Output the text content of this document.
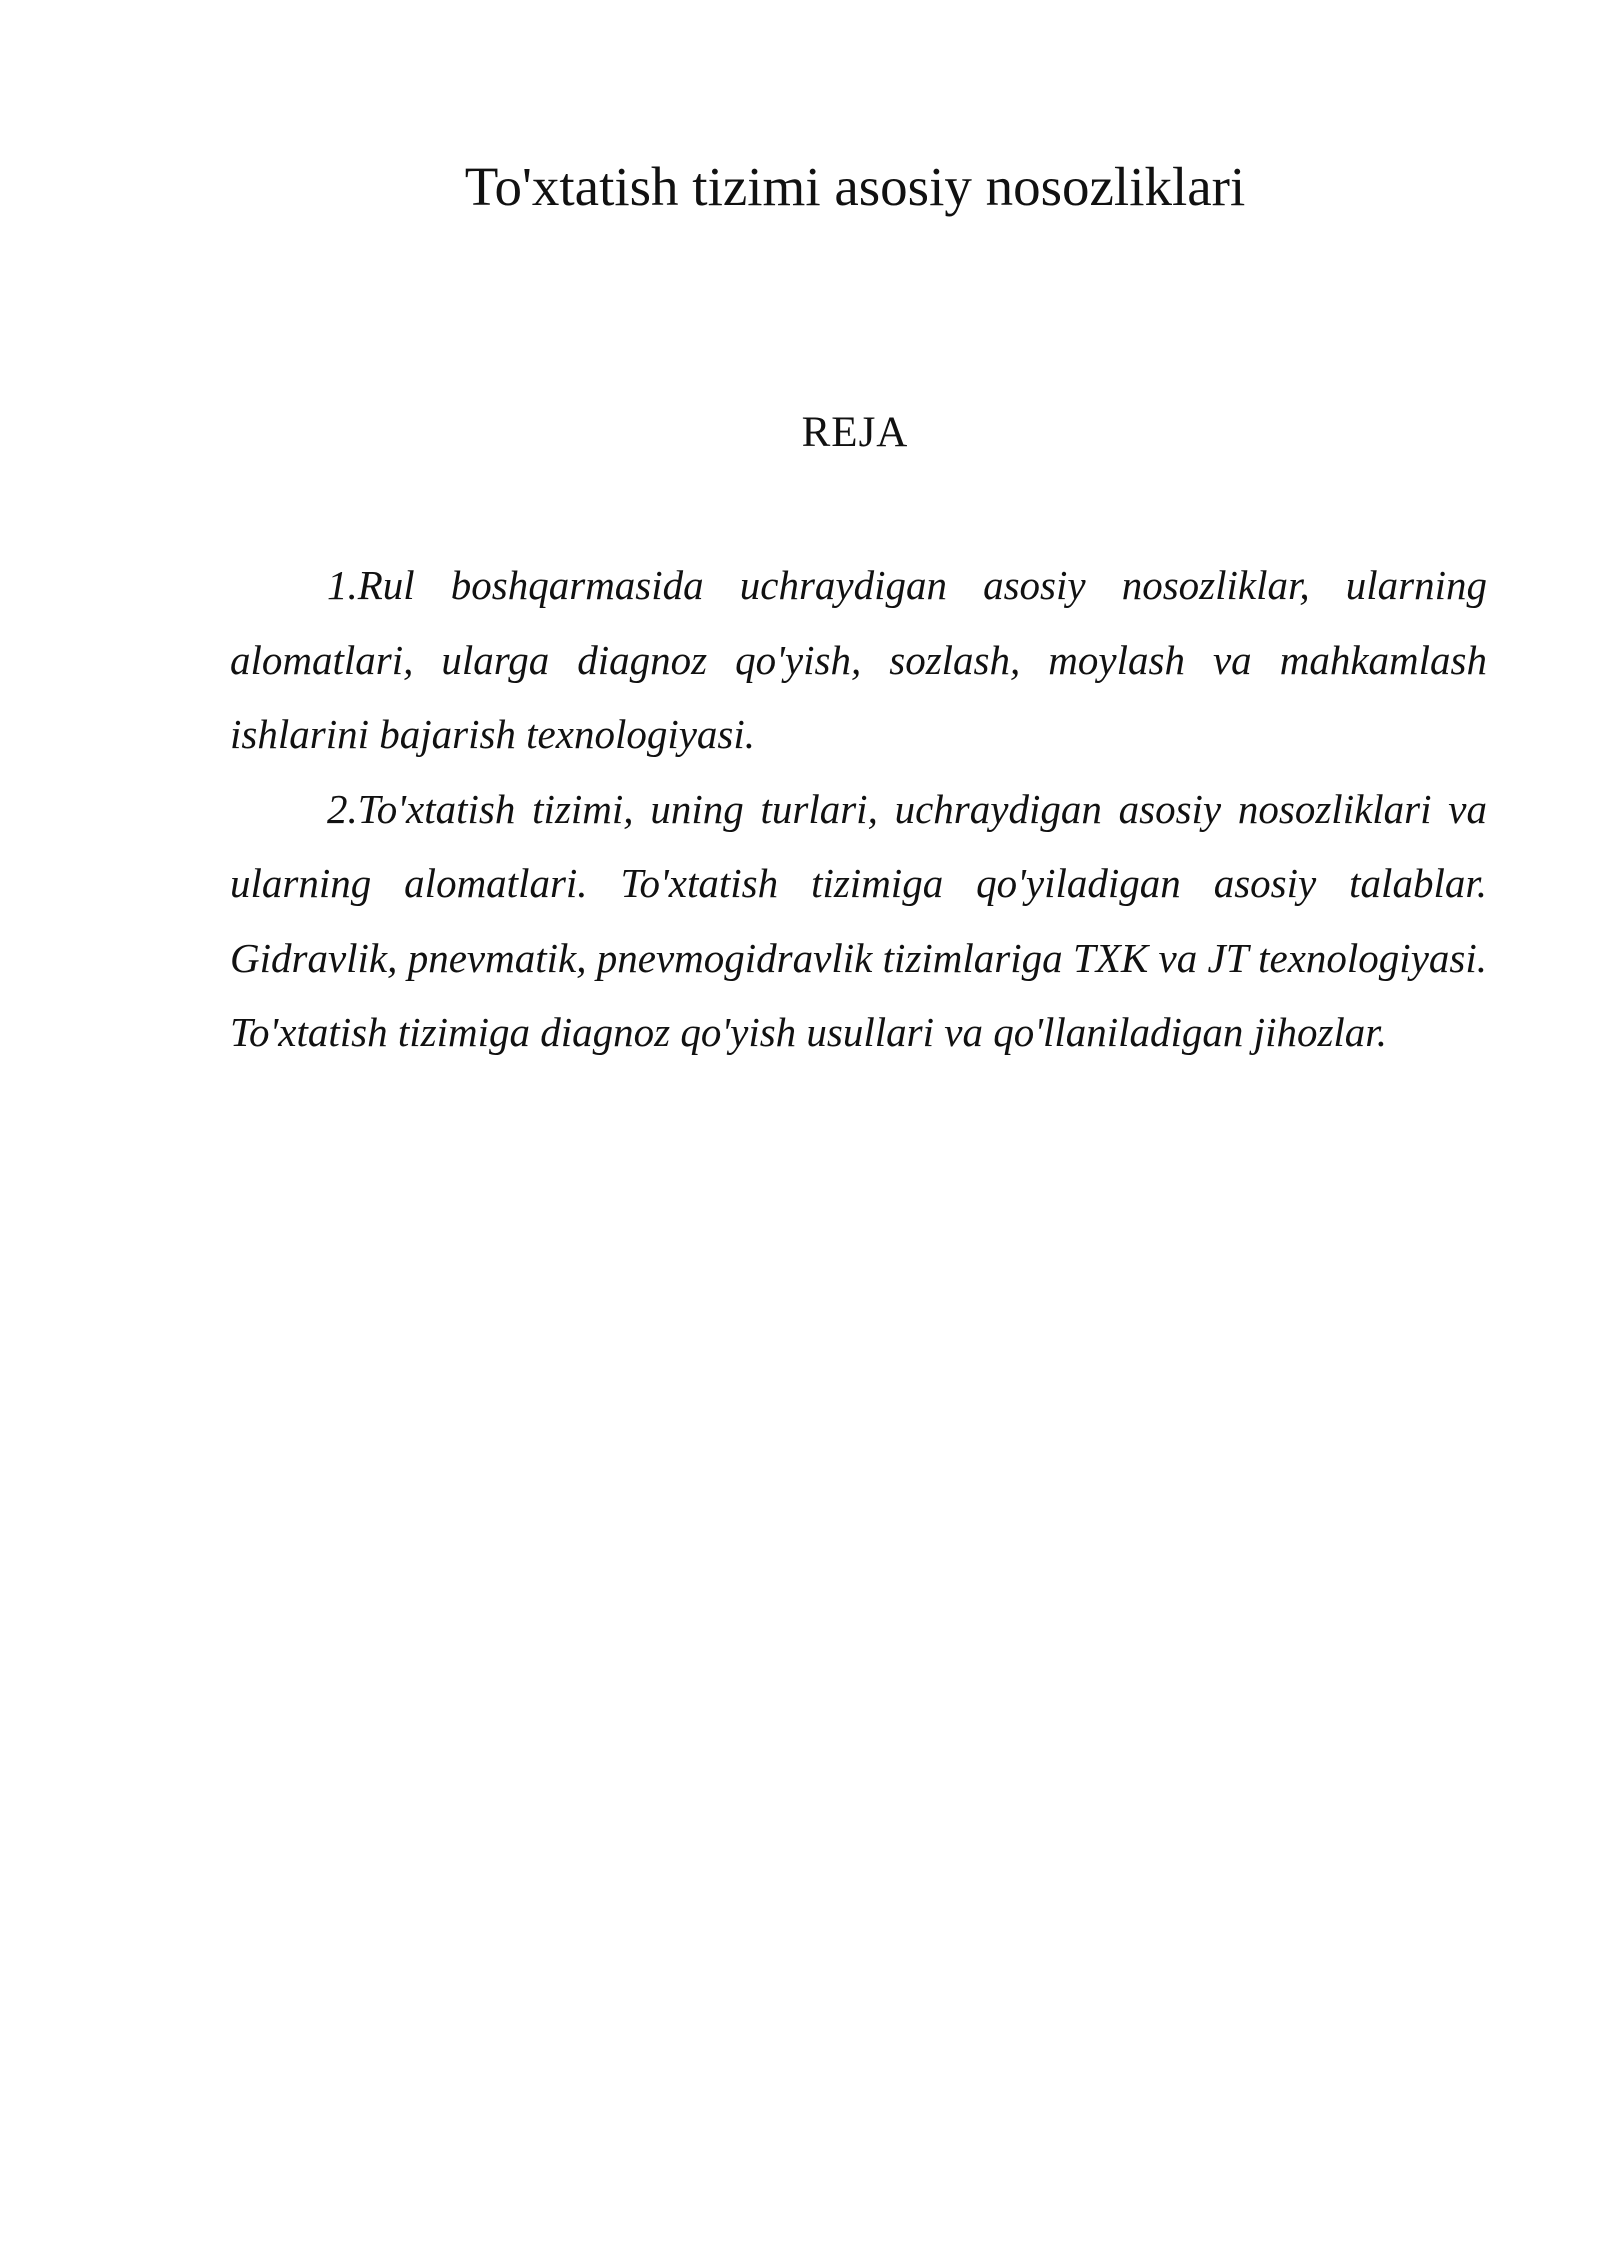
To'xtatish tizimi asosiy nosozliklari
REJA

1.Rul boshqarmasida uchraydigan asosiy nosozliklar, ularning alomatlari, ularga diagnoz qo'yish, sozlash, moylash va mahkamlash ishlarini bajarish texnologiyasi.

2.To'xtatish tizimi, uning turlari, uchraydigan asosiy nosozliklari va ularning alomatlari. To'xtatish tizimiga qo'yiladigan asosiy talablar. Gidravlik, pnevmatik, pnevmogidravlik tizimlariga TXK va JT texnologiyasi. To'xtatish tizimiga diagnoz qo'yish usullari va qo'llaniladigan jihozlar.
